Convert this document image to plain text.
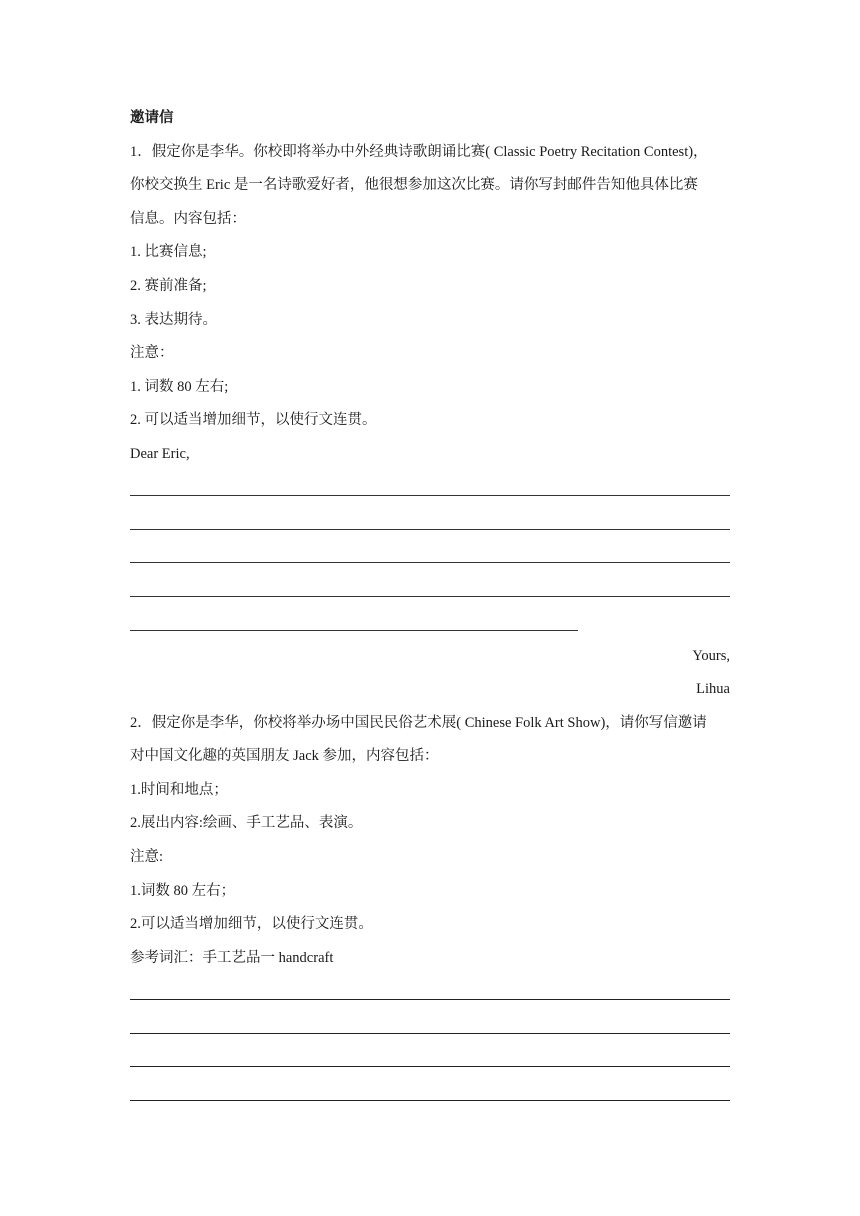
邀请信
1．假定你是李华。你校即将举办中外经典诗歌朗诵比赛( Classic Poetry Recitation Contest)，
你校交换生 Eric 是一名诗歌爱好者，他很想参加这次比赛。请你写封邮件告知他具体比赛
信息。内容包括：
1. 比赛信息;
2. 赛前准备;
3. 表达期待。
注意：
1. 词数 80 左右;
2. 可以适当增加细节，以使行文连贯。
Dear Eric,
Yours,
Lihua
2．假定你是李华，你校将举办场中国民民俗艺术展( Chinese Folk Art Show)，请你写信邀请
对中国文化趣的英国朋友 Jack 参加，内容包括：
1.时间和地点；
2.展出内容:绘画、手工艺品、表演。
注意:
1.词数 80 左右；
2.可以适当增加细节，以使行文连贯。
参考词汇：手工艺品一 handcraft
